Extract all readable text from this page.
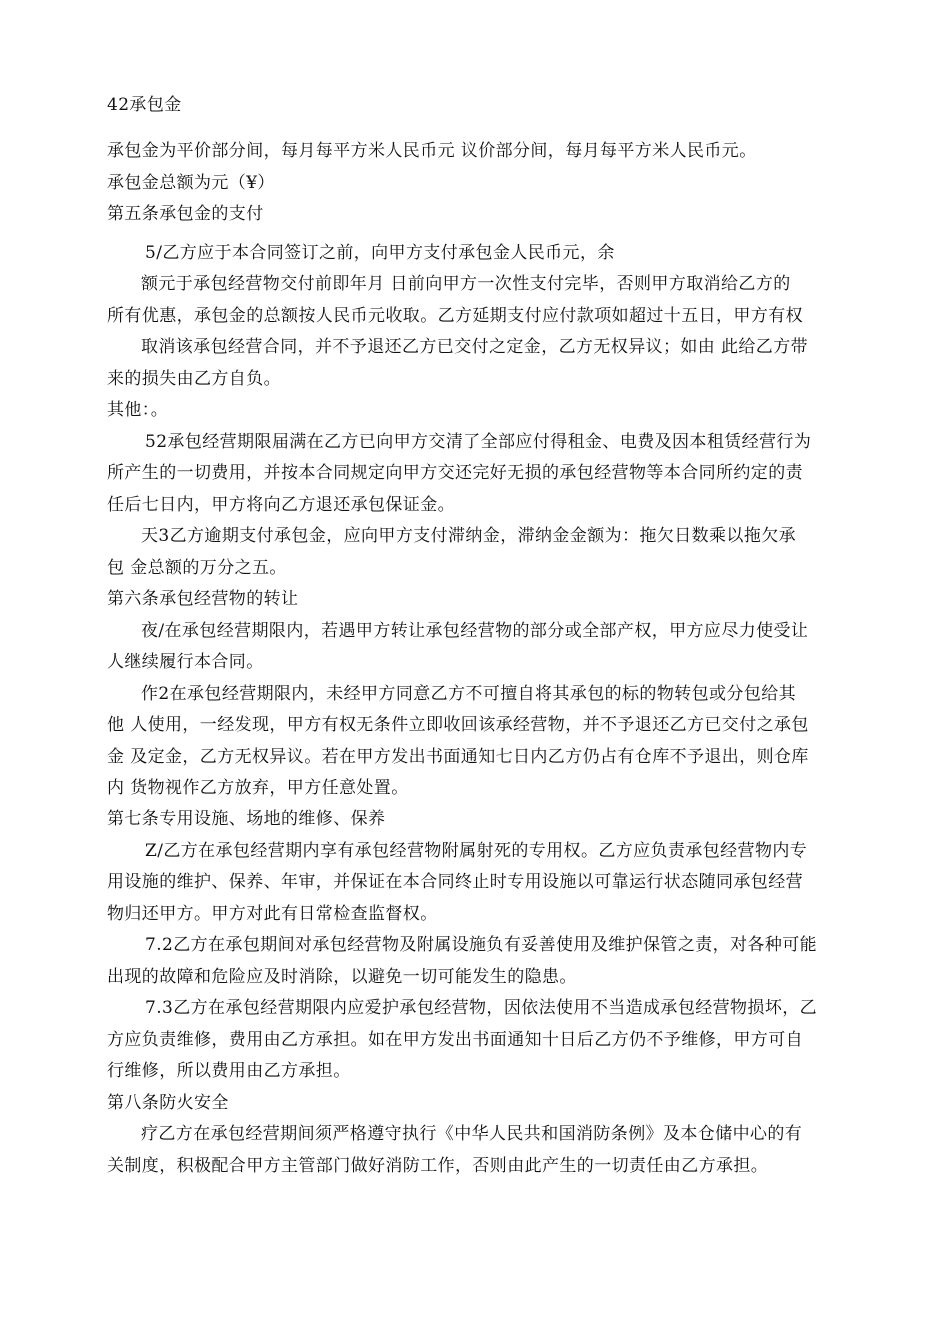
42承包金
承包金为平价部分间，每月每平方米人民币元 议价部分间，每月每平方米人民币元。
承包金总额为元（¥）
第五条承包金的支付
5/乙方应于本合同签订之前，向甲方支付承包金人民币元，余
额元于承包经营物交付前即年月 日前向甲方一次性支付完毕，否则甲方取消给乙方的
所有优惠，承包金的总额按人民币元收取。乙方延期支付应付款项如超过十五日，甲方有权
取消该承包经营合同，并不予退还乙方已交付之定金，乙方无权异议；如由 此给乙方带
来的损失由乙方自负。
其他：。
52承包经营期限届满在乙方已向甲方交清了全部应付得租金、电费及因本租赁经营行为
所产生的一切费用，并按本合同规定向甲方交还完好无损的承包经营物等本合同所约定的责
任后七日内，甲方将向乙方退还承包保证金。
天3乙方逾期支付承包金，应向甲方支付滞纳金，滞纳金金额为：拖欠日数乘以拖欠承
包 金总额的万分之五。
第六条承包经营物的转让
夜/在承包经营期限内，若遇甲方转让承包经营物的部分或全部产权，甲方应尽力使受让
人继续履行本合同。
作2在承包经营期限内，未经甲方同意乙方不可擅自将其承包的标的物转包或分包给其
他 人使用，一经发现，甲方有权无条件立即收回该承经营物，并不予退还乙方已交付之承包
金 及定金，乙方无权异议。若在甲方发出书面通知七日内乙方仍占有仓库不予退出，则仓库
内 货物视作乙方放弃，甲方任意处置。
第七条专用设施、场地的维修、保养
Z/乙方在承包经营期内享有承包经营物附属射死的专用权。乙方应负责承包经营物内专
用设施的维护、保养、年审，并保证在本合同终止时专用设施以可靠运行状态随同承包经营
物归还甲方。甲方对此有日常检查监督权。
7.2乙方在承包期间对承包经营物及附属设施负有妥善使用及维护保管之责，对各种可能
出现的故障和危险应及时消除，以避免一切可能发生的隐患。
7.3乙方在承包经营期限内应爱护承包经营物，因依法使用不当造成承包经营物损坏，乙
方应负责维修，费用由乙方承担。如在甲方发出书面通知十日后乙方仍不予维修，甲方可自
行维修，所以费用由乙方承担。
第八条防火安全
疗乙方在承包经营期间须严格遵守执行《中华人民共和国消防条例》及本仓储中心的有
关制度，积极配合甲方主管部门做好消防工作，否则由此产生的一切责任由乙方承担。
